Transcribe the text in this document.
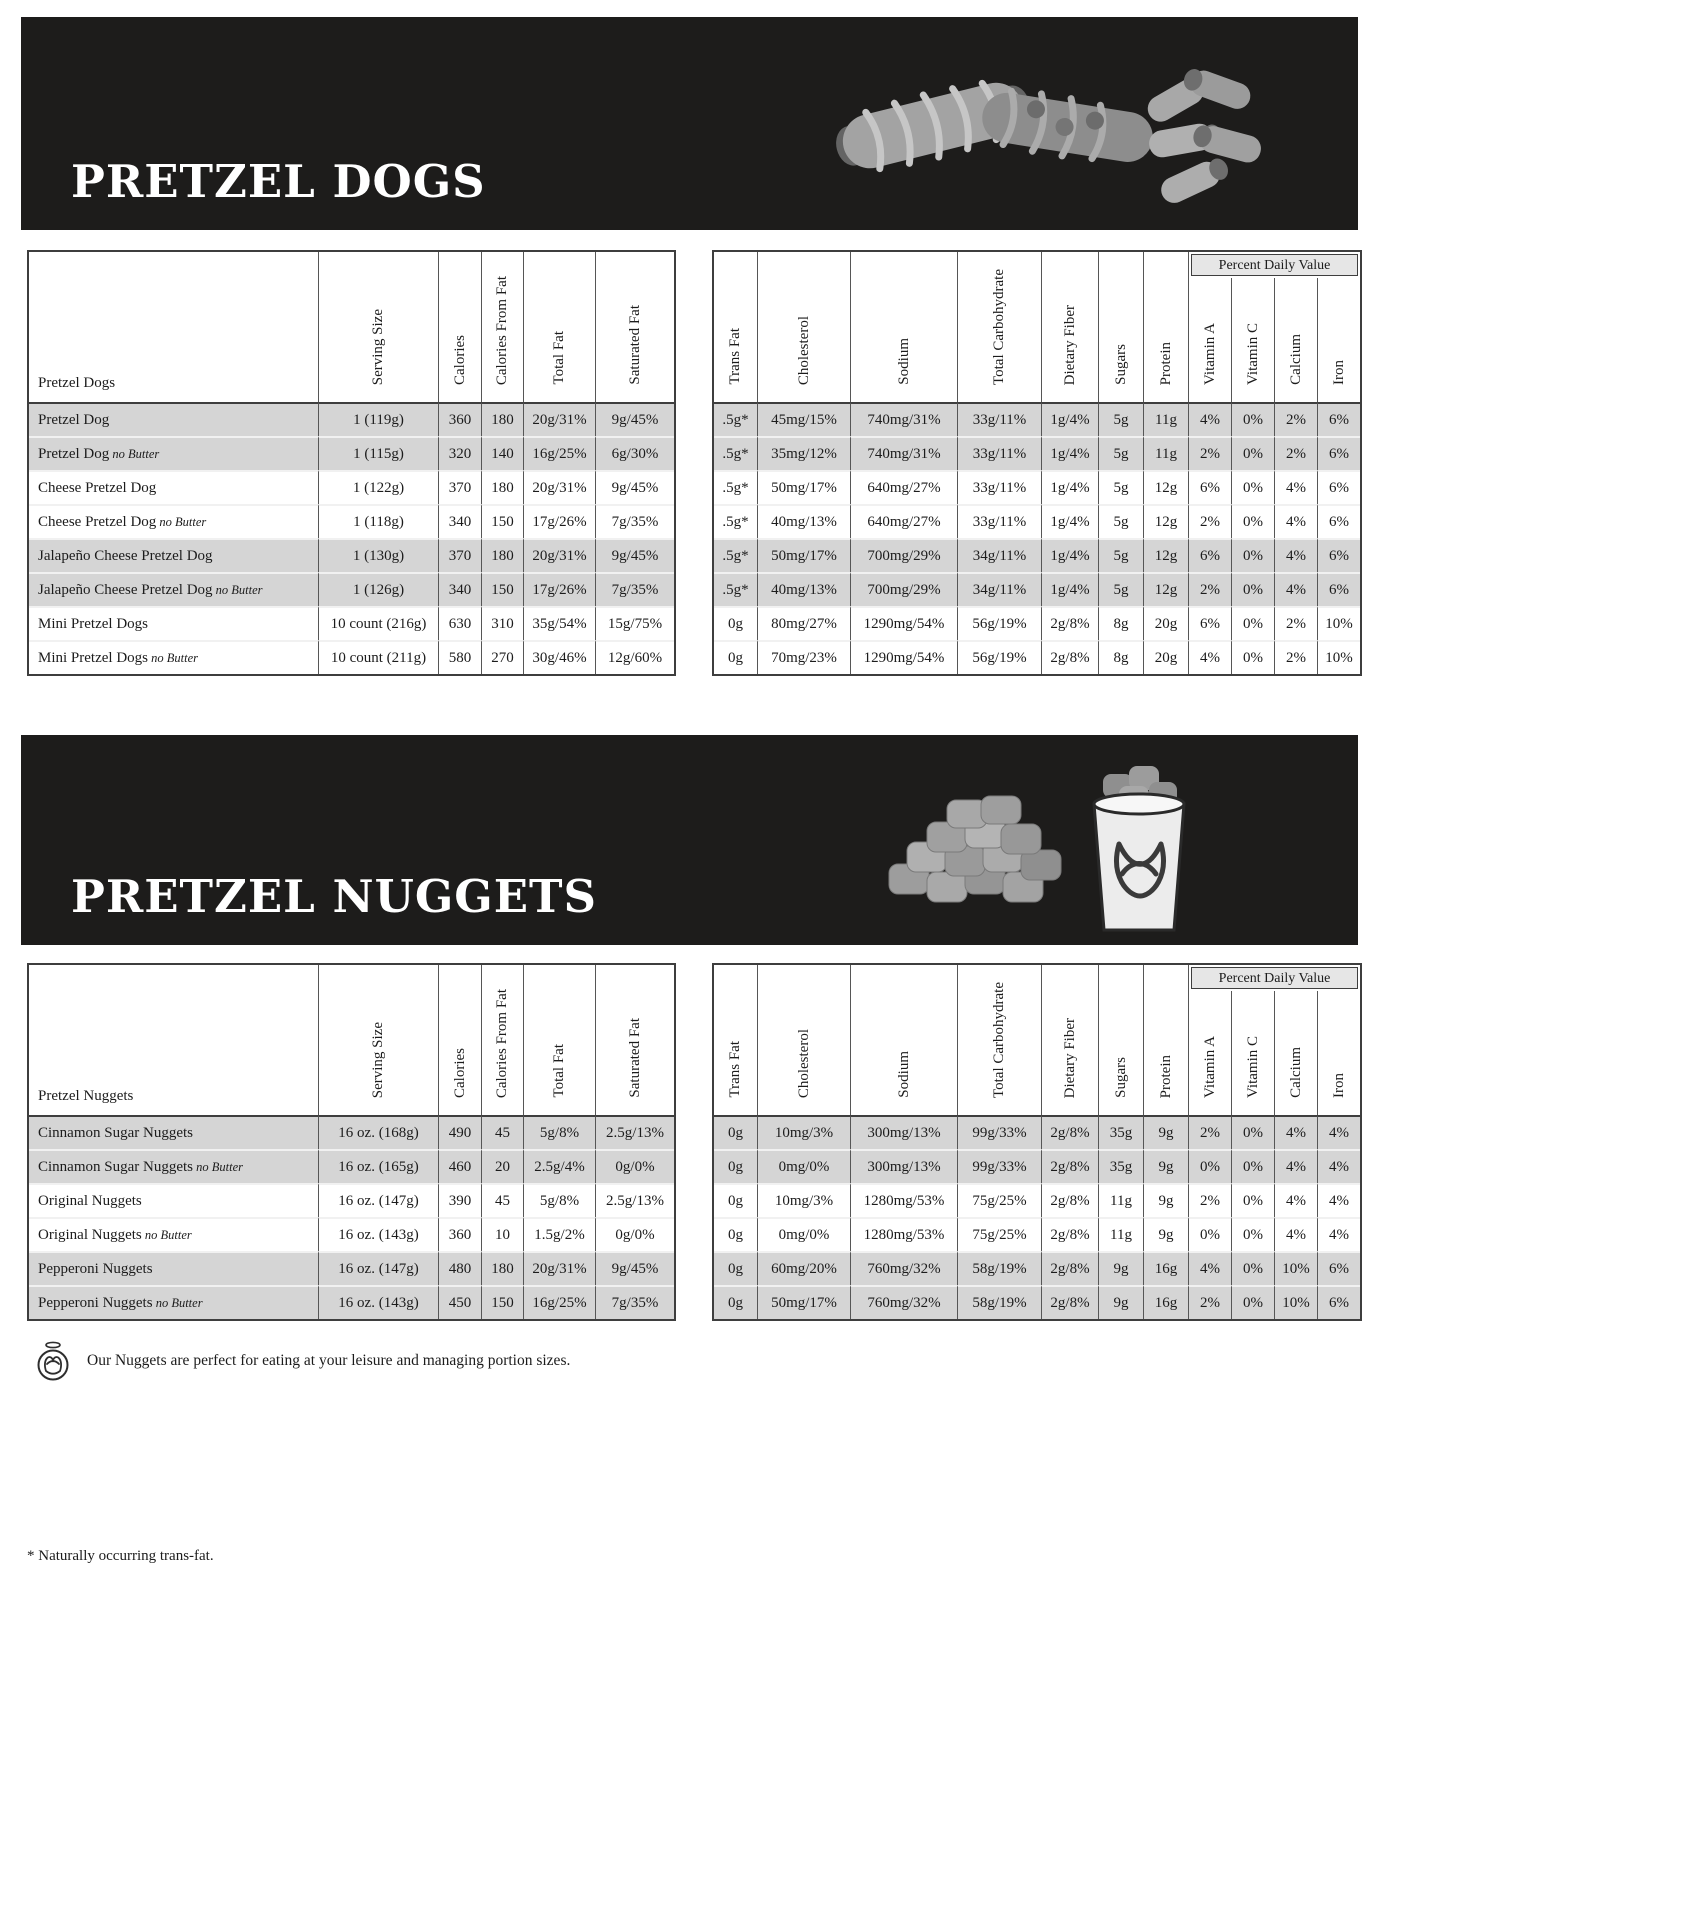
PRETZEL DOGS
Pretzel Dogs	Serving Size	Calories	Calories From Fat	Total Fat	Saturated Fat
Pretzel Dog	1 (119g)	360	180	20g/31%	9g/45%
Pretzel Dog no Butter	1 (115g)	320	140	16g/25%	6g/30%
Cheese Pretzel Dog	1 (122g)	370	180	20g/31%	9g/45%
Cheese Pretzel Dog no Butter	1 (118g)	340	150	17g/26%	7g/35%
Jalapeño Cheese Pretzel Dog	1 (130g)	370	180	20g/31%	9g/45%
Jalapeño Cheese Pretzel Dog no Butter	1 (126g)	340	150	17g/26%	7g/35%
Mini Pretzel Dogs	10 count (216g)	630	310	35g/54%	15g/75%
Mini Pretzel Dogs no Butter	10 count (211g)	580	270	30g/46%	12g/60%
Trans Fat	Cholesterol	Sodium	Total Carbohydrate	Dietary Fiber	Sugars	Protein	Percent Daily Value			

							Vitamin A	Vitamin C	Calcium	Iron
.5g*	45mg/15%	740mg/31%	33g/11%	1g/4%	5g	11g	4%	0%	2%	6%
.5g*	35mg/12%	740mg/31%	33g/11%	1g/4%	5g	11g	2%	0%	2%	6%
.5g*	50mg/17%	640mg/27%	33g/11%	1g/4%	5g	12g	6%	0%	4%	6%
.5g*	40mg/13%	640mg/27%	33g/11%	1g/4%	5g	12g	2%	0%	4%	6%
.5g*	50mg/17%	700mg/29%	34g/11%	1g/4%	5g	12g	6%	0%	4%	6%
.5g*	40mg/13%	700mg/29%	34g/11%	1g/4%	5g	12g	2%	0%	4%	6%
0g	80mg/27%	1290mg/54%	56g/19%	2g/8%	8g	20g	6%	0%	2%	10%
0g	70mg/23%	1290mg/54%	56g/19%	2g/8%	8g	20g	4%	0%	2%	10%
PRETZEL NUGGETS
Pretzel Nuggets	Serving Size	Calories	Calories From Fat	Total Fat	Saturated Fat
Cinnamon Sugar Nuggets	16 oz. (168g)	490	45	5g/8%	2.5g/13%
Cinnamon Sugar Nuggets no Butter	16 oz. (165g)	460	20	2.5g/4%	0g/0%
Original Nuggets	16 oz. (147g)	390	45	5g/8%	2.5g/13%
Original Nuggets no Butter	16 oz. (143g)	360	10	1.5g/2%	0g/0%
Pepperoni Nuggets	16 oz. (147g)	480	180	20g/31%	9g/45%
Pepperoni Nuggets no Butter	16 oz. (143g)	450	150	16g/25%	7g/35%
Trans Fat	Cholesterol	Sodium	Total Carbohydrate	Dietary Fiber	Sugars	Protein	Percent Daily Value			

							Vitamin A	Vitamin C	Calcium	Iron
0g	10mg/3%	300mg/13%	99g/33%	2g/8%	35g	9g	2%	0%	4%	4%
0g	0mg/0%	300mg/13%	99g/33%	2g/8%	35g	9g	0%	0%	4%	4%
0g	10mg/3%	1280mg/53%	75g/25%	2g/8%	11g	9g	2%	0%	4%	4%
0g	0mg/0%	1280mg/53%	75g/25%	2g/8%	11g	9g	0%	0%	4%	4%
0g	60mg/20%	760mg/32%	58g/19%	2g/8%	9g	16g	4%	0%	10%	6%
0g	50mg/17%	760mg/32%	58g/19%	2g/8%	9g	16g	2%	0%	10%	6%
Our Nuggets are perfect for eating at your leisure and managing portion sizes.
* Naturally occurring trans-fat.
